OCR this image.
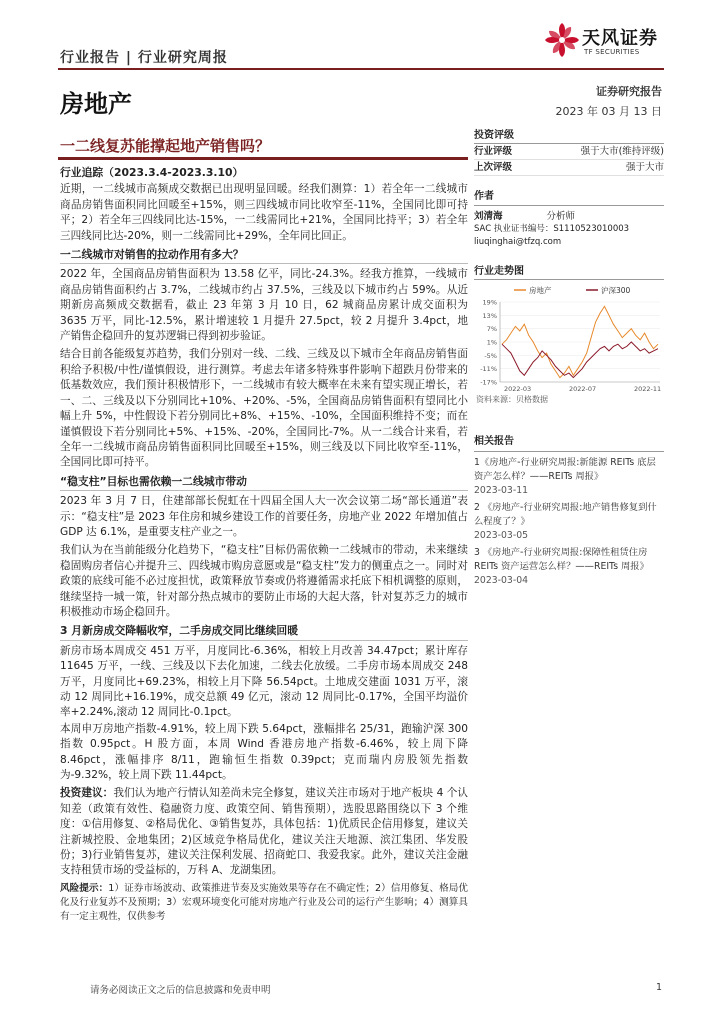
行业报告 | 行业研究周报
天风证券
TF SECURITIES
房地产	证券研究报告
2023 年 03 月 13 日
一二线复苏能撑起地产销售吗？
行业追踪（2023.3.4-2023.3.10）

近期，一二线城市高频成交数据已出现明显回暖。经我们测算：1）若全年一二线城市商品房销售面积同比回暖至+15%，则三四线城市同比收窄至-11%，全国同比即可持平；2）若全年三四线同比达-15%，一二线需同比+21%，全国同比持平；3）若全年三四线同比达-20%，则一二线需同比+29%，全年同比回正。

一二线城市对销售的拉动作用有多大？

2022 年，全国商品房销售面积为 13.58 亿平，同比-24.3%。经我方推算，一线城市商品房销售面积约占 3.7%，二线城市约占 37.5%，三线及以下城市约占 59%。从近期新房高频成交数据看，截止 23 年第 3 月 10 日，62 城商品房累计成交面积为 3635 万平，同比-12.5%，累计增速较 1 月提升 27.5pct，较 2 月提升 3.4pct，地产销售企稳回升的复苏逻辑已得到初步验证。

结合目前各能级复苏趋势，我们分别对一线、二线、三线及以下城市全年商品房销售面积给予积极/中性/谨慎假设，进行测算。考虑去年诸多特殊事件影响下超跌月份带来的低基数效应，我们预计积极情形下，一二线城市有较大概率在未来有望实现正增长，若一、二、三线及以下分别同比+10%、+20%、-5%，全国商品房销售面积有望同比小幅上升 5%，中性假设下若分别同比+8%、+15%、-10%，全国面积维持不变；而在谨慎假设下若分别同比+5%、+15%、-20%，全国同比-7%。从一二线合计来看，若全年一二线城市商品房销售面积同比回暖至+15%，则三线及以下同比收窄至-11%，全国同比即可持平。

“稳支柱”目标也需依赖一二线城市带动

2023 年 3 月 7 日，住建部部长倪虹在十四届全国人大一次会议第二场“部长通道”表示：“稳支柱”是 2023 年住房和城乡建设工作的首要任务，房地产业 2022 年增加值占 GDP 达 6.1%，是重要支柱产业之一。

我们认为在当前能级分化趋势下，“稳支柱”目标仍需依赖一二线城市的带动，未来继续稳固购房者信心并提升三、四线城市购房意愿或是“稳支柱”发力的侧重点之一。同时对政策的底线可能不必过度担忧，政策释放节奏或仍将遵循需求托底下相机调整的原则，继续坚持一城一策，针对部分热点城市的要防止市场的大起大落，针对复苏乏力的城市积极推动市场企稳回升。

3 月新房成交降幅收窄，二手房成交同比继续回暖

新房市场本周成交 451 万平，月度同比-6.36%，相较上月改善 34.47pct；累计库存 11645 万平，一线、三线及以下去化加速，二线去化放缓。二手房市场本周成交 248 万平，月度同比+69.23%，相较上月下降 56.54pct。土地成交建面 1031 万平，滚动 12 周同比+16.19%，成交总额 49 亿元，滚动 12 周同比-0.17%，全国平均溢价率+2.24%,滚动 12 周同比-0.1pct。

本周申万房地产指数-4.91%，较上周下跌 5.64pct，涨幅排名 25/31，跑输沪深 300 指数 0.95pct。H 股方面，本周 Wind 香港房地产指数-6.46%，较上周下降 8.46pct，涨幅排序 8/11，跑输恒生指数 0.39pct；克而瑞内房股领先指数为-9.32%，较上周下跌 11.44pct。

投资建议：我们认为地产行情认知差尚未完全修复，建议关注市场对于地产板块 4 个认知差（政策有效性、稳融资力度、政策空间、销售预期），选股思路围绕以下 3 个维度：①信用修复、②格局优化、③销售复苏，具体包括：1)优质民企信用修复，建议关注新城控股、金地集团；2)区域竞争格局优化，建议关注天地源、滨江集团、华发股份；3)行业销售复苏，建议关注保利发展、招商蛇口、我爱我家。此外，建议关注金融支持租赁市场的受益标的，万科 A、龙湖集团。

风险提示：1）证券市场波动、政策推进节奏及实施效果等存在不确定性；2）信用修复、格局优化及行业复苏不及预期；3）宏观环境变化可能对房地产行业及公司的运行产生影响；4）测算具有一定主观性，仅供参考

投资评级
行业评级	强于大市(维持评级)
上次评级	强于大市
作者
刘清海	分析师
SAC 执业证书编号：S1110523010003
liuqinghai@tfzq.com
行业走势图
房地产	沪深300
19%
13%
7%
1%
-5%
-11%
-17%
2022-03	2022-07	2022-11
资料来源：贝格数据
相关报告
1《房地产-行业研究周报:新能源 REITs 底层资产怎么样？——REITs 周报》
2023-03-11
2 《房地产-行业研究周报:地产销售修复到什么程度了？》
2023-03-05
3 《房地产-行业研究周报:保障性租赁住房 REITs 资产运营怎么样？——REITs 周报》
2023-03-04
请务必阅读正文之后的信息披露和免责申明	1
